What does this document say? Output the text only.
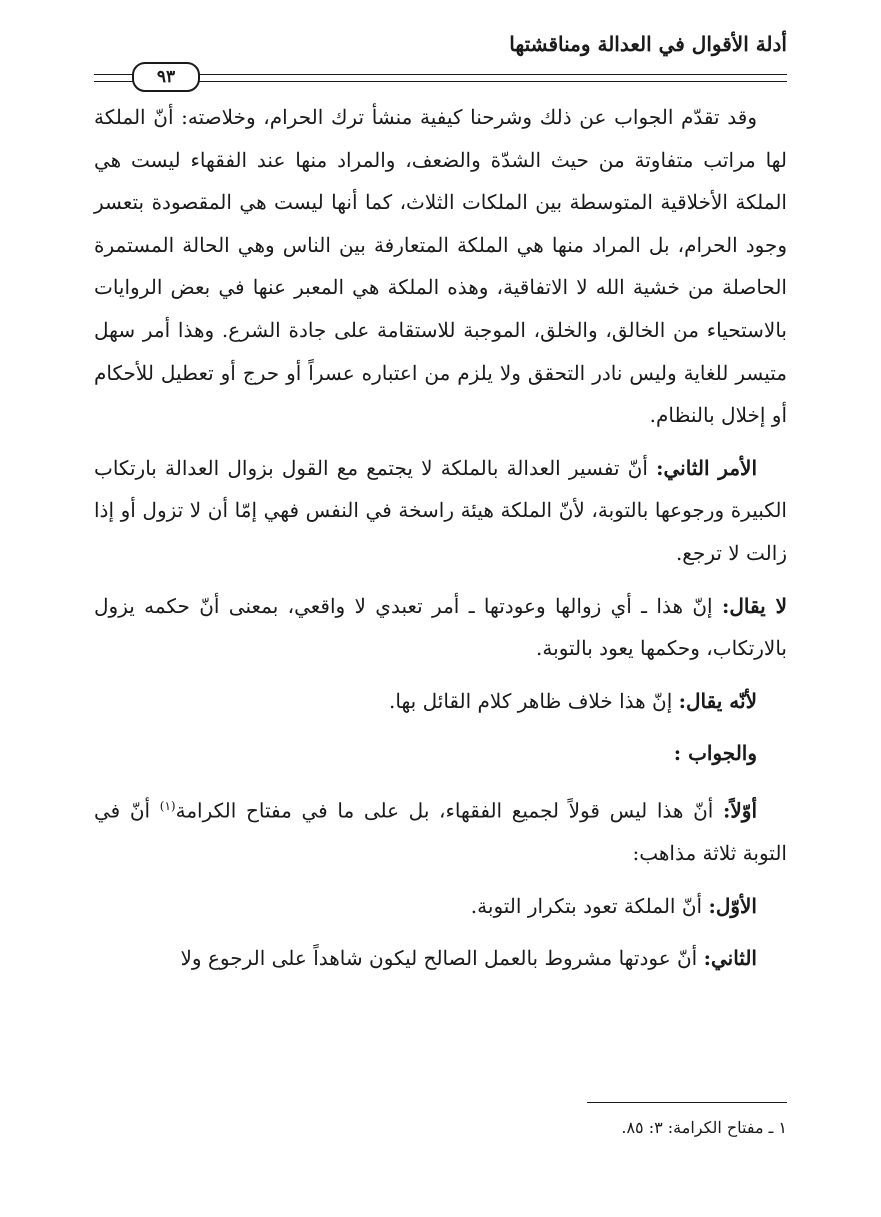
أدلة الأقوال في العدالة ومناقشتها
٩٣

وقد تقدّم الجواب عن ذلك وشرحنا كيفية منشأ ترك الحرام، وخلاصته: أنّ الملكة لها مراتب متفاوتة من حيث الشدّة والضعف، والمراد منها عند الفقهاء ليست هي الملكة الأخلاقية المتوسطة بين الملكات الثلاث، كما أنها ليست هي المقصودة بتعسر وجود الحرام، بل المراد منها هي الملكة المتعارفة بين الناس وهي الحالة المستمرة الحاصلة من خشية الله لا الاتفاقية، وهذه الملكة هي المعبر عنها في بعض الروايات بالاستحياء من الخالق، والخلق، الموجبة للاستقامة على جادة الشرع. وهذا أمر سهل متيسر للغاية وليس نادر التحقق ولا يلزم من اعتباره عسراً أو حرج أو تعطيل للأحكام أو إخلال بالنظام.

الأمر الثاني: أنّ تفسير العدالة بالملكة لا يجتمع مع القول بزوال العدالة بارتكاب الكبيرة ورجوعها بالتوبة، لأنّ الملكة هيئة راسخة في النفس فهي إمّا أن لا تزول أو إذا زالت لا ترجع.

لا يقال: إنّ هذا ـ أي زوالها وعودتها ـ أمر تعبدي لا واقعي، بمعنى أنّ حكمه يزول بالارتكاب، وحكمها يعود بالتوبة.

لأنّه يقال: إنّ هذا خلاف ظاهر كلام القائل بها.

والجواب :

أوّلاً: أنّ هذا ليس قولاً لجميع الفقهاء، بل على ما في مفتاح الكرامة$^{(١)}$ أنّ في التوبة ثلاثة مذاهب:

الأوّل: أنّ الملكة تعود بتكرار التوبة.

الثاني: أنّ عودتها مشروط بالعمل الصالح ليكون شاهداً على الرجوع ولا

١ ـ مفتاح الكرامة: ٣: ٨٥.
